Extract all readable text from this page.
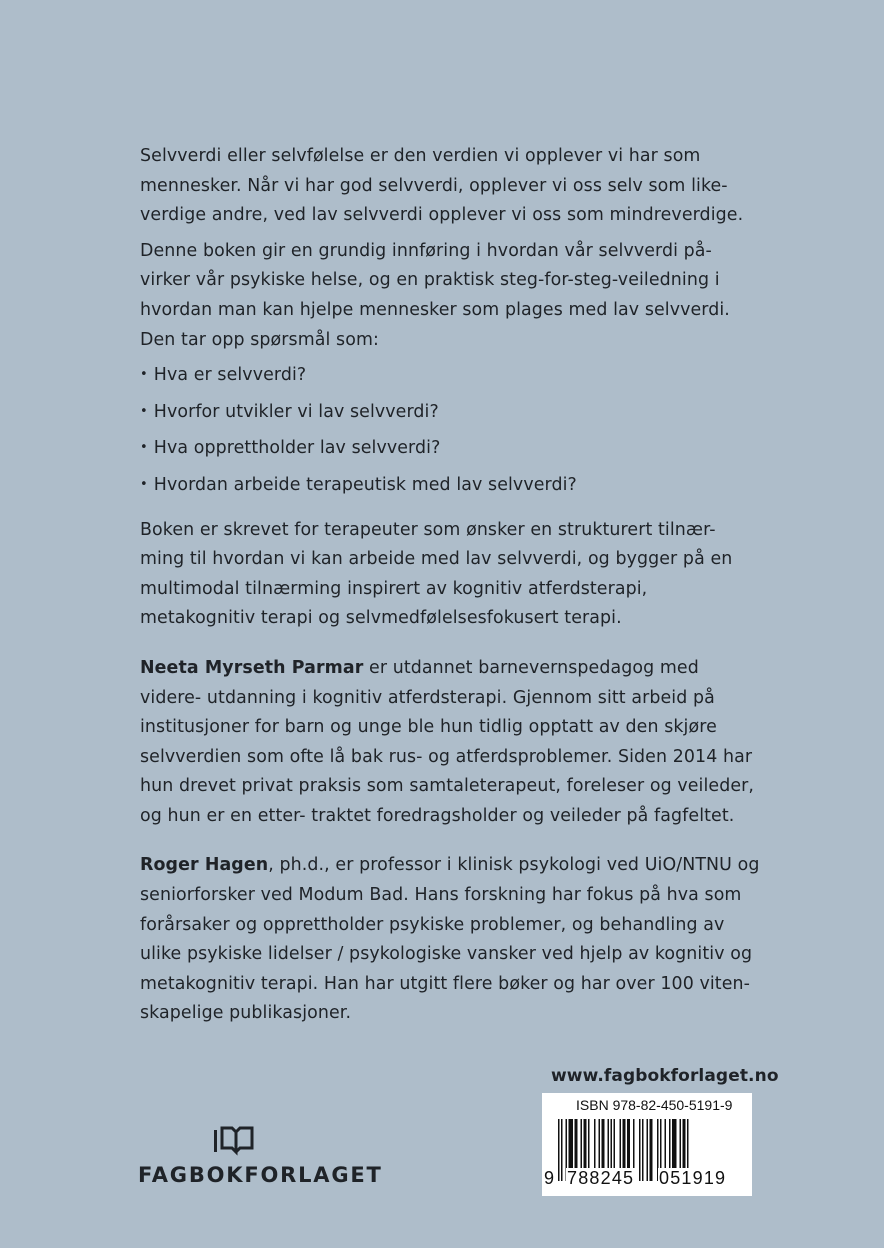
Selvverdi eller selvfølelse er den verdien vi opplever vi har som mennesker. Når vi har god selvverdi, opplever vi oss selv som like- verdige andre, ved lav selvverdi opplever vi oss som mindreverdige.

Denne boken gir en grundig innføring i hvordan vår selvverdi på- virker vår psykiske helse, og en praktisk steg-for-steg-veiledning i hvordan man kan hjelpe mennesker som plages med lav selvverdi. Den tar opp spørsmål som:

• Hva er selvverdi?
• Hvorfor utvikler vi lav selvverdi?
• Hva opprettholder lav selvverdi?
• Hvordan arbeide terapeutisk med lav selvverdi?

Boken er skrevet for terapeuter som ønsker en strukturert tilnær- ming til hvordan vi kan arbeide med lav selvverdi, og bygger på en multimodal tilnærming inspirert av kognitiv atferdsterapi, metakognitiv terapi og selvmedfølelsesfokusert terapi.

Neeta Myrseth Parmar er utdannet barnevernspedagog med videre- utdanning i kognitiv atferdsterapi. Gjennom sitt arbeid på institusjoner for barn og unge ble hun tidlig opptatt av den skjøre selvverdien som ofte lå bak rus- og atferdsproblemer. Siden 2014 har hun drevet privat praksis som samtaleterapeut, foreleser og veileder, og hun er en etter- traktet foredragsholder og veileder på fagfeltet.

Roger Hagen, ph.d., er professor i klinisk psykologi ved UiO/NTNU og seniorforsker ved Modum Bad. Hans forskning har fokus på hva som forårsaker og opprettholder psykiske problemer, og behandling av ulike psykiske lidelser / psykologiske vansker ved hjelp av kognitiv og metakognitiv terapi. Han har utgitt flere bøker og har over 100 viten- skapelige publikasjoner.

www.fagbokforlaget.no
ISBN 978-82-450-5191-9
9 788245 051919
FAGBOKFORLAGET
